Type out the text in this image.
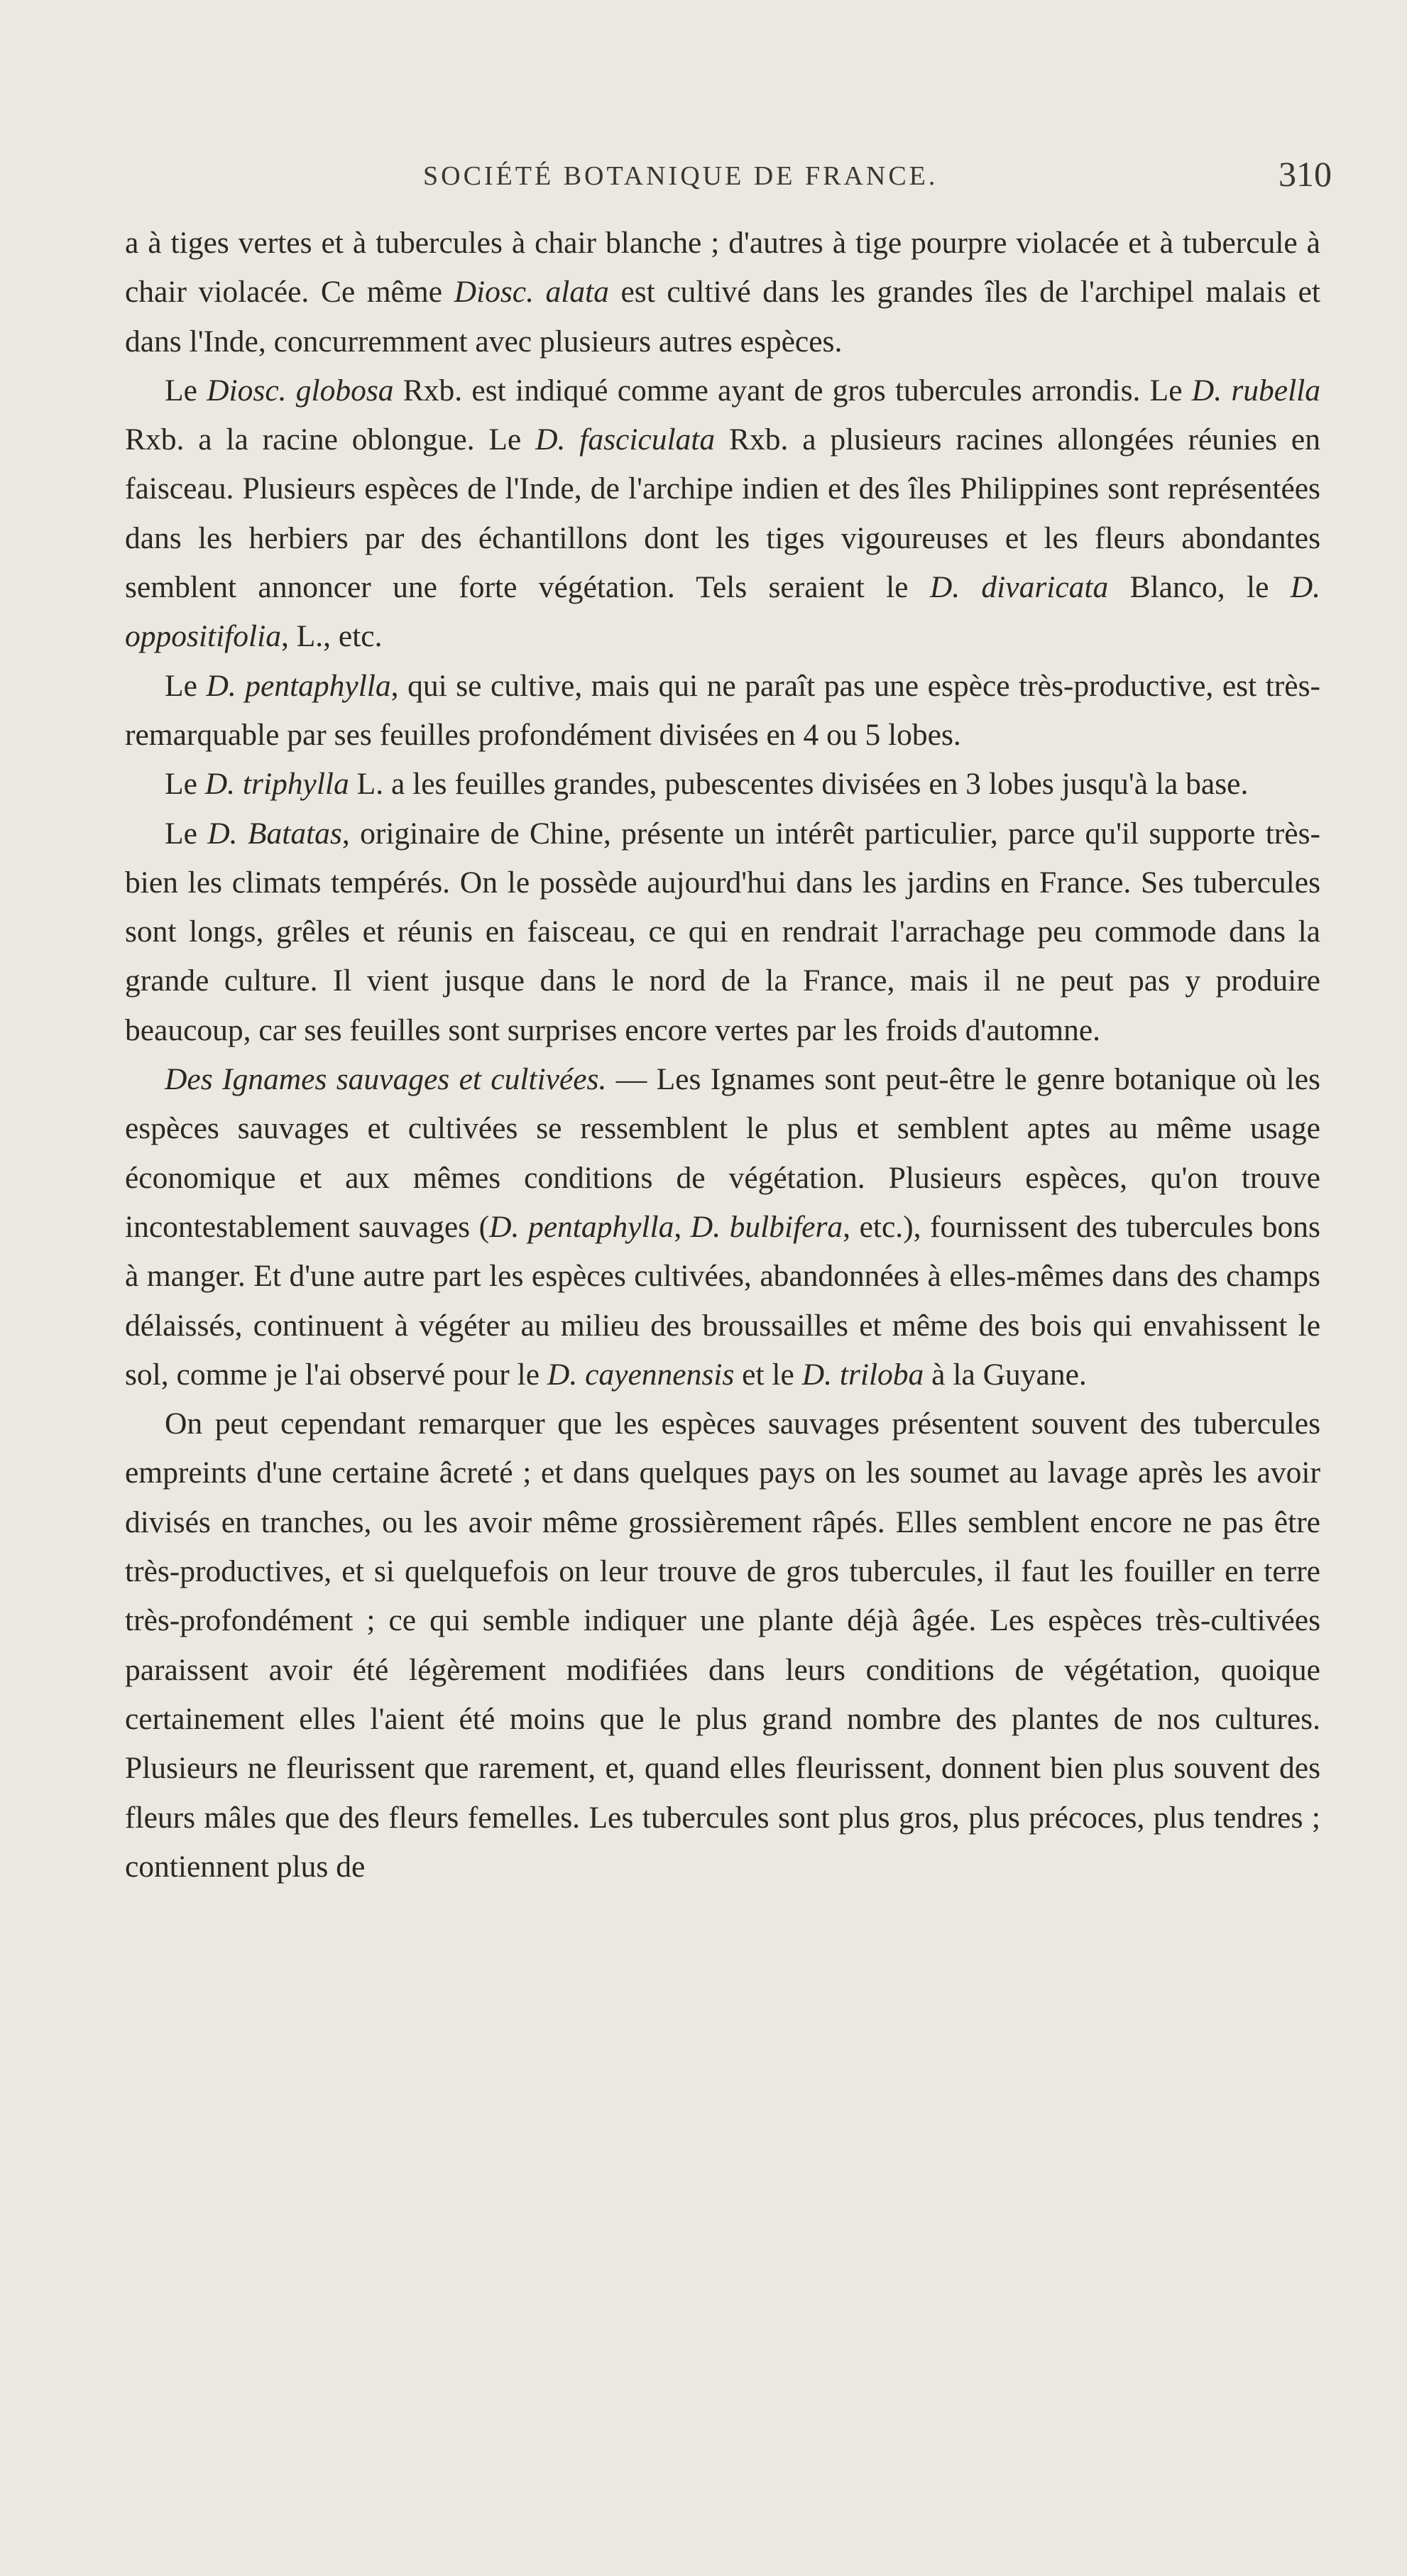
SOCIÉTÉ BOTANIQUE DE FRANCE.	310

a à tiges vertes et à tubercules à chair blanche ; d'autres à tige pourpre violacée et à tubercule à chair violacée. Ce même Diosc. alata est cultivé dans les grandes îles de l'archipel malais et dans l'Inde, concurremment avec plusieurs autres espèces.

Le Diosc. globosa Rxb. est indiqué comme ayant de gros tubercules arrondis. Le D. rubella Rxb. a la racine oblongue. Le D. fasciculata Rxb. a plusieurs racines allongées réunies en faisceau. Plusieurs espèces de l'Inde, de l'archipe indien et des îles Philippines sont représentées dans les herbiers par des échantillons dont les tiges vigoureuses et les fleurs abondantes semblent annoncer une forte végétation. Tels seraient le D. divaricata Blanco, le D. oppositifolia, L., etc.

Le D. pentaphylla, qui se cultive, mais qui ne paraît pas une espèce très-productive, est très-remarquable par ses feuilles profondément divisées en 4 ou 5 lobes.

Le D. triphylla L. a les feuilles grandes, pubescentes divisées en 3 lobes jusqu'à la base.

Le D. Batatas, originaire de Chine, présente un intérêt particulier, parce qu'il supporte très-bien les climats tempérés. On le possède aujourd'hui dans les jardins en France. Ses tubercules sont longs, grêles et réunis en faisceau, ce qui en rendrait l'arrachage peu commode dans la grande culture. Il vient jusque dans le nord de la France, mais il ne peut pas y produire beaucoup, car ses feuilles sont surprises encore vertes par les froids d'automne.

Des Ignames sauvages et cultivées. — Les Ignames sont peut-être le genre botanique où les espèces sauvages et cultivées se ressemblent le plus et semblent aptes au même usage économique et aux mêmes conditions de végétation. Plusieurs espèces, qu'on trouve incontestablement sauvages (D. pentaphylla, D. bulbifera, etc.), fournissent des tubercules bons à manger. Et d'une autre part les espèces cultivées, abandonnées à elles-mêmes dans des champs délaissés, continuent à végéter au milieu des broussailles et même des bois qui envahissent le sol, comme je l'ai observé pour le D. cayennensis et le D. triloba à la Guyane.

On peut cependant remarquer que les espèces sauvages présentent souvent des tubercules empreints d'une certaine âcreté ; et dans quelques pays on les soumet au lavage après les avoir divisés en tranches, ou les avoir même grossièrement râpés. Elles semblent encore ne pas être très-productives, et si quelquefois on leur trouve de gros tubercules, il faut les fouiller en terre très-profondément ; ce qui semble indiquer une plante déjà âgée. Les espèces très-cultivées paraissent avoir été légèrement modifiées dans leurs conditions de végétation, quoique certainement elles l'aient été moins que le plus grand nombre des plantes de nos cultures. Plusieurs ne fleurissent que rarement, et, quand elles fleurissent, donnent bien plus souvent des fleurs mâles que des fleurs femelles. Les tubercules sont plus gros, plus précoces, plus tendres ; contiennent plus de
